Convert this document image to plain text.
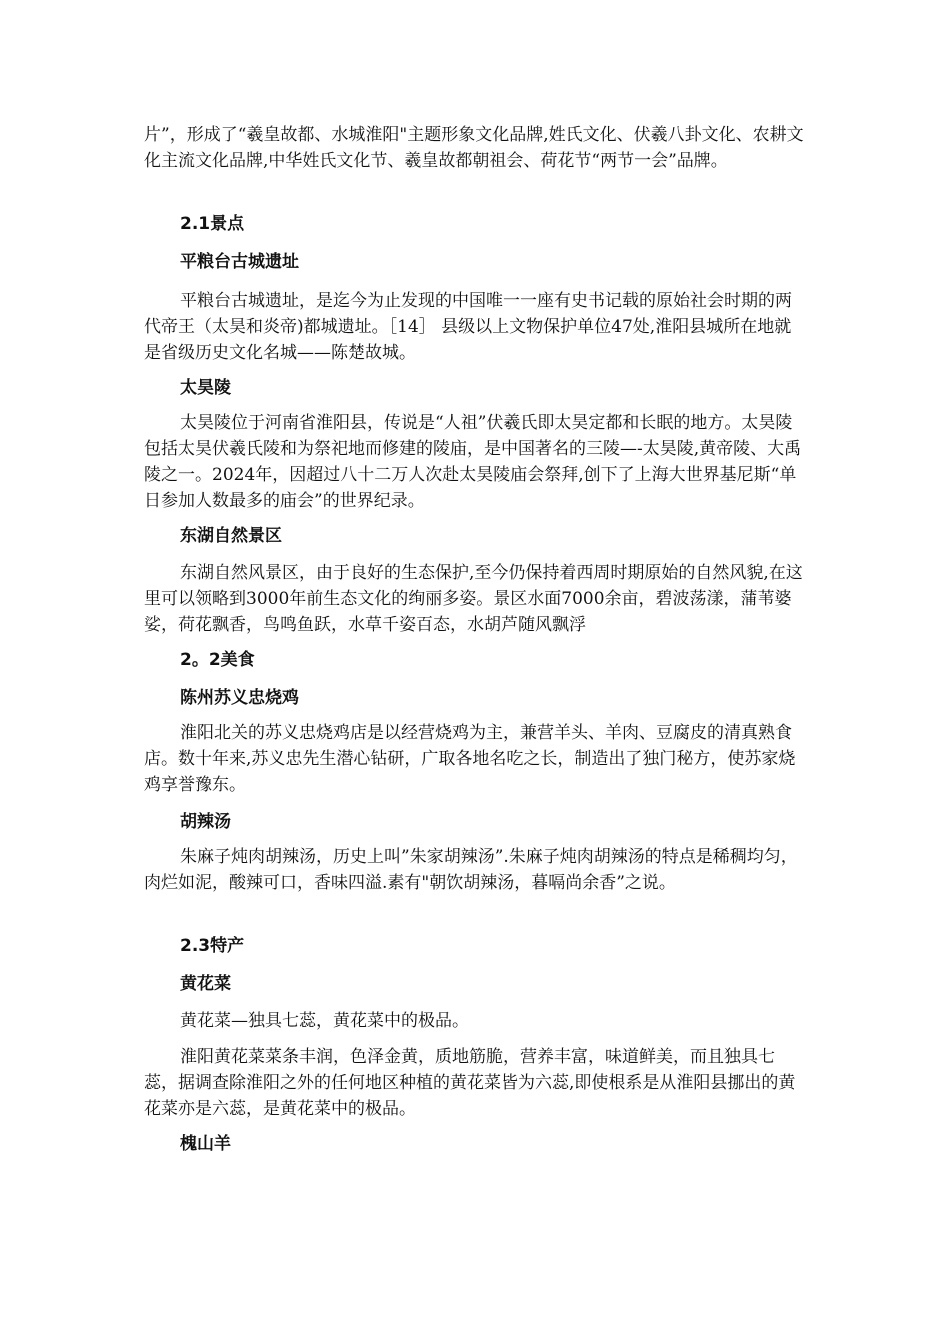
片”，形成了“羲皇故都、水城淮阳"主题形象文化品牌,姓氏文化、伏羲八卦文化、农耕文化主流文化品牌,中华姓氏文化节、羲皇故都朝祖会、荷花节“两节一会”品牌。

2.1景点
平粮台古城遗址

平粮台古城遗址，是迄今为止发现的中国唯一一座有史书记载的原始社会时期的两代帝王（太昊和炎帝)都城遗址。［14］ 县级以上文物保护单位47处,淮阳县城所在地就是省级历史文化名城——陈楚故城。

太昊陵

太昊陵位于河南省淮阳县，传说是“人祖”伏羲氏即太昊定都和长眠的地方。太昊陵包括太昊伏羲氏陵和为祭祀地而修建的陵庙，是中国著名的三陵—-太昊陵,黄帝陵、大禹陵之一。2024年，因超过八十二万人次赴太昊陵庙会祭拜,创下了上海大世界基尼斯“单日参加人数最多的庙会”的世界纪录。

东湖自然景区

东湖自然风景区，由于良好的生态保护,至今仍保持着西周时期原始的自然风貌,在这里可以领略到3000年前生态文化的绚丽多姿。景区水面7000余亩，碧波荡漾，蒲苇婆娑，荷花飘香，鸟鸣鱼跃，水草千姿百态，水胡芦随风飘浮

2。2美食
陈州苏义忠烧鸡

淮阳北关的苏义忠烧鸡店是以经营烧鸡为主，兼营羊头、羊肉、豆腐皮的清真熟食店。数十年来,苏义忠先生潜心钻研，广取各地名吃之长，制造出了独门秘方，使苏家烧鸡享誉豫东。

胡辣汤

朱麻子炖肉胡辣汤，历史上叫”朱家胡辣汤”.朱麻子炖肉胡辣汤的特点是稀稠均匀，肉烂如泥，酸辣可口，香味四溢.素有"朝饮胡辣汤，暮嗝尚余香”之说。

2.3特产
黄花菜

黄花菜—独具七蕊，黄花菜中的极品。

淮阳黄花菜菜条丰润，色泽金黄，质地筋脆，营养丰富，味道鲜美，而且独具七蕊，据调查除淮阳之外的任何地区种植的黄花菜皆为六蕊,即使根系是从淮阳县挪出的黄花菜亦是六蕊，是黄花菜中的极品。

槐山羊
